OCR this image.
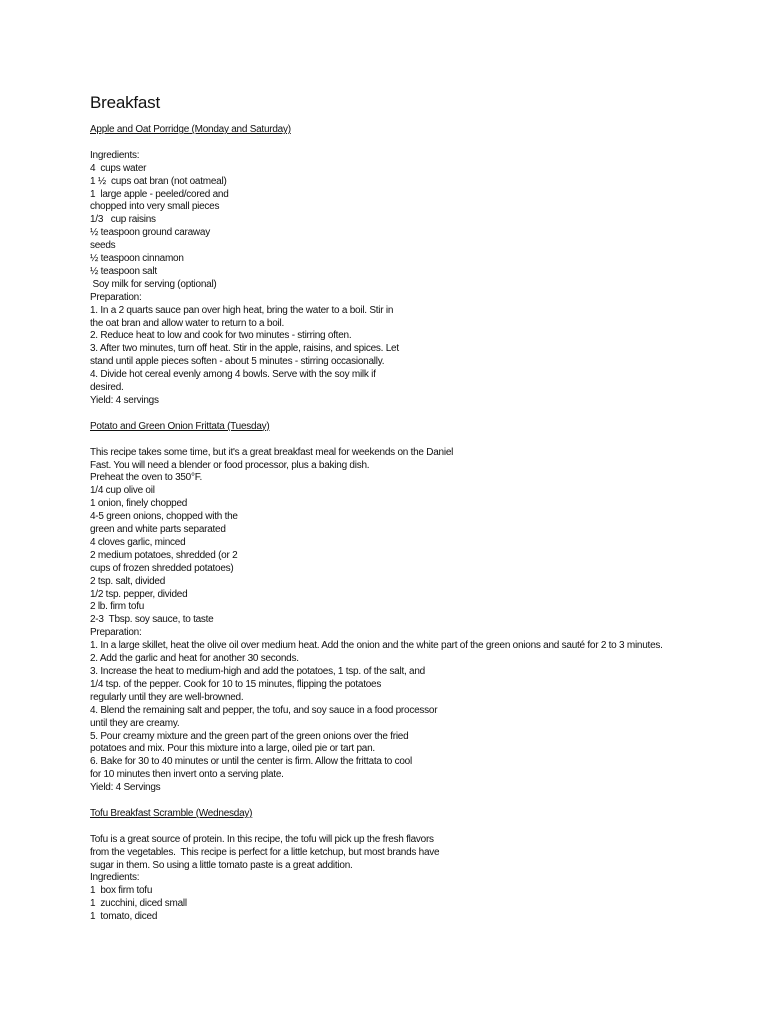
Breakfast

Apple and Oat Porridge (Monday and Saturday)

Ingredients:

4  cups water

1 ½  cups oat bran (not oatmeal)

1  large apple - peeled/cored and

chopped into very small pieces

1/3   cup raisins

½ teaspoon ground caraway

seeds

½ teaspoon cinnamon

½ teaspoon salt

Soy milk for serving (optional)

Preparation:

1. In a 2 quarts sauce pan over high heat, bring the water to a boil. Stir in

the oat bran and allow water to return to a boil.

2. Reduce heat to low and cook for two minutes - stirring often.

3. After two minutes, turn off heat. Stir in the apple, raisins, and spices. Let

stand until apple pieces soften - about 5 minutes - stirring occasionally.

4. Divide hot cereal evenly among 4 bowls. Serve with the soy milk if

desired.

Yield: 4 servings

Potato and Green Onion Frittata (Tuesday)

This recipe takes some time, but it's a great breakfast meal for weekends on the Daniel

Fast. You will need a blender or food processor, plus a baking dish.

Preheat the oven to 350°F.

1/4 cup olive oil

1 onion, finely chopped

4-5 green onions, chopped with the

green and white parts separated

4 cloves garlic, minced

2 medium potatoes, shredded (or 2

cups of frozen shredded potatoes)

2 tsp. salt, divided

1/2 tsp. pepper, divided

2 lb. firm tofu

2-3  Tbsp. soy sauce, to taste

Preparation:

1. In a large skillet, heat the olive oil over medium heat. Add the onion and the white part of the green onions and sauté for 2 to 3 minutes.

2. Add the garlic and heat for another 30 seconds.

3. Increase the heat to medium-high and add the potatoes, 1 tsp. of the salt, and

1/4 tsp. of the pepper. Cook for 10 to 15 minutes, flipping the potatoes

regularly until they are well-browned.

4. Blend the remaining salt and pepper, the tofu, and soy sauce in a food processor

until they are creamy.

5. Pour creamy mixture and the green part of the green onions over the fried

potatoes and mix. Pour this mixture into a large, oiled pie or tart pan.

6. Bake for 30 to 40 minutes or until the center is firm. Allow the frittata to cool

for 10 minutes then invert onto a serving plate.

Yield: 4 Servings

Tofu Breakfast Scramble (Wednesday)

Tofu is a great source of protein. In this recipe, the tofu will pick up the fresh flavors

from the vegetables.  This recipe is perfect for a little ketchup, but most brands have

sugar in them. So using a little tomato paste is a great addition.

Ingredients:

1  box firm tofu

1  zucchini, diced small

1  tomato, diced
